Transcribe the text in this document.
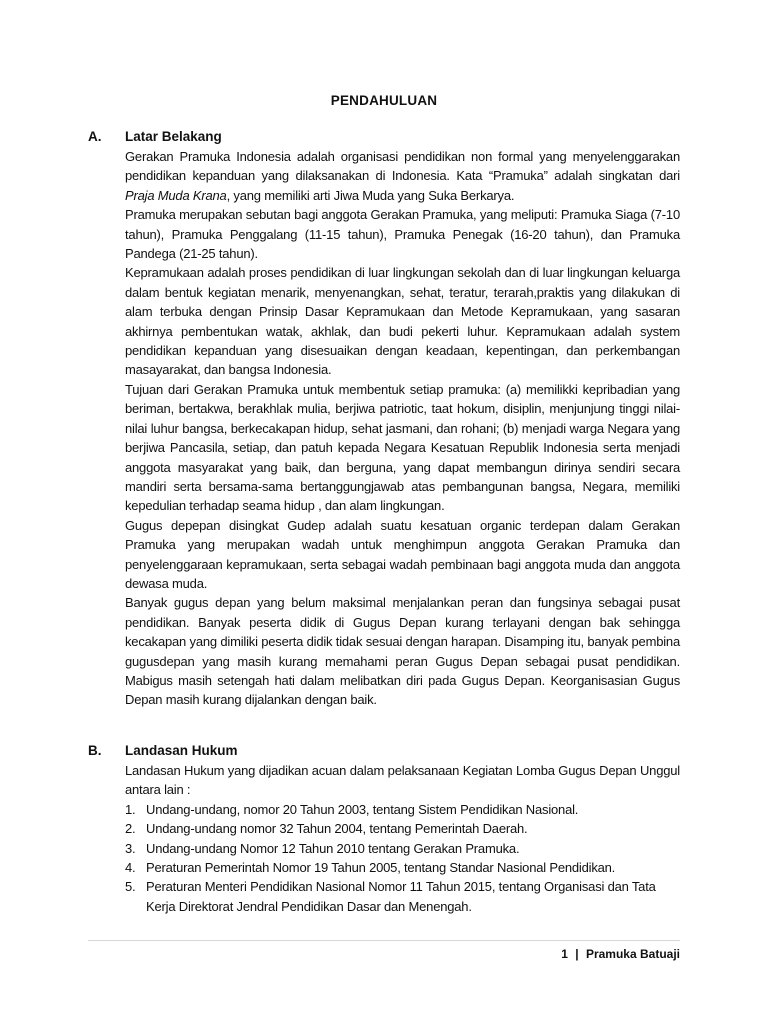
PENDAHULUAN
A.	Latar Belakang

Gerakan Pramuka Indonesia adalah organisasi pendidikan non formal yang menyelenggarakan pendidikan kepanduan yang dilaksanakan di Indonesia. Kata “Pramuka” adalah singkatan dari Praja Muda Krana, yang memiliki arti Jiwa Muda yang Suka Berkarya.

Pramuka merupakan sebutan bagi anggota Gerakan Pramuka, yang meliputi: Pramuka Siaga (7-10 tahun), Pramuka Penggalang (11-15 tahun), Pramuka Penegak (16-20 tahun), dan Pramuka Pandega (21-25 tahun).

Kepramukaan adalah proses pendidikan di luar lingkungan sekolah dan di luar lingkungan keluarga dalam bentuk kegiatan menarik, menyenangkan, sehat, teratur, terarah,praktis yang dilakukan di alam terbuka dengan Prinsip Dasar Kepramukaan dan Metode Kepramukaan, yang sasaran akhirnya pembentukan watak, akhlak, dan budi pekerti luhur. Kepramukaan adalah system pendidikan kepanduan yang disesuaikan dengan keadaan, kepentingan, dan perkembangan masayarakat, dan bangsa Indonesia.

Tujuan dari Gerakan Pramuka untuk membentuk setiap pramuka: (a) memilikki kepribadian yang beriman, bertakwa, berakhlak mulia, berjiwa patriotic, taat hokum, disiplin, menjunjung tinggi nilai-nilai luhur bangsa, berkecakapan hidup, sehat jasmani, dan rohani; (b) menjadi warga Negara yang berjiwa Pancasila, setiap, dan patuh kepada Negara Kesatuan Republik Indonesia serta menjadi anggota masyarakat yang baik, dan berguna, yang dapat membangun dirinya sendiri secara mandiri serta bersama-sama bertanggungjawab atas pembangunan bangsa, Negara, memiliki kepedulian terhadap seama hidup , dan alam lingkungan.

Gugus depepan disingkat Gudep adalah suatu kesatuan organic terdepan dalam Gerakan Pramuka yang merupakan wadah untuk menghimpun anggota Gerakan Pramuka dan penyelenggaraan kepramukaan, serta sebagai wadah pembinaan bagi anggota muda dan anggota dewasa muda.

Banyak gugus depan yang belum maksimal menjalankan peran dan fungsinya sebagai pusat pendidikan. Banyak peserta didik di Gugus Depan kurang terlayani dengan bak sehingga kecakapan yang dimiliki peserta didik tidak sesuai dengan harapan. Disamping itu, banyak pembina gugusdepan yang masih kurang memahami peran Gugus Depan sebagai pusat pendidikan. Mabigus masih setengah hati dalam melibatkan diri pada Gugus Depan. Keorganisasian Gugus Depan masih kurang dijalankan dengan baik.

B.	Landasan Hukum

Landasan Hukum yang dijadikan acuan dalam pelaksanaan Kegiatan Lomba Gugus Depan Unggul antara lain :

1. Undang-undang, nomor 20 Tahun 2003, tentang Sistem Pendidikan Nasional.
2. Undang-undang nomor 32 Tahun 2004, tentang Pemerintah Daerah.
3. Undang-undang Nomor 12 Tahun 2010 tentang Gerakan Pramuka.
4. Peraturan Pemerintah Nomor 19 Tahun 2005, tentang Standar Nasional Pendidikan.
5. Peraturan Menteri Pendidikan Nasional Nomor 11 Tahun 2015, tentang Organisasi dan Tata Kerja Direktorat Jendral Pendidikan Dasar dan Menengah.
1 | Pramuka Batuaji
